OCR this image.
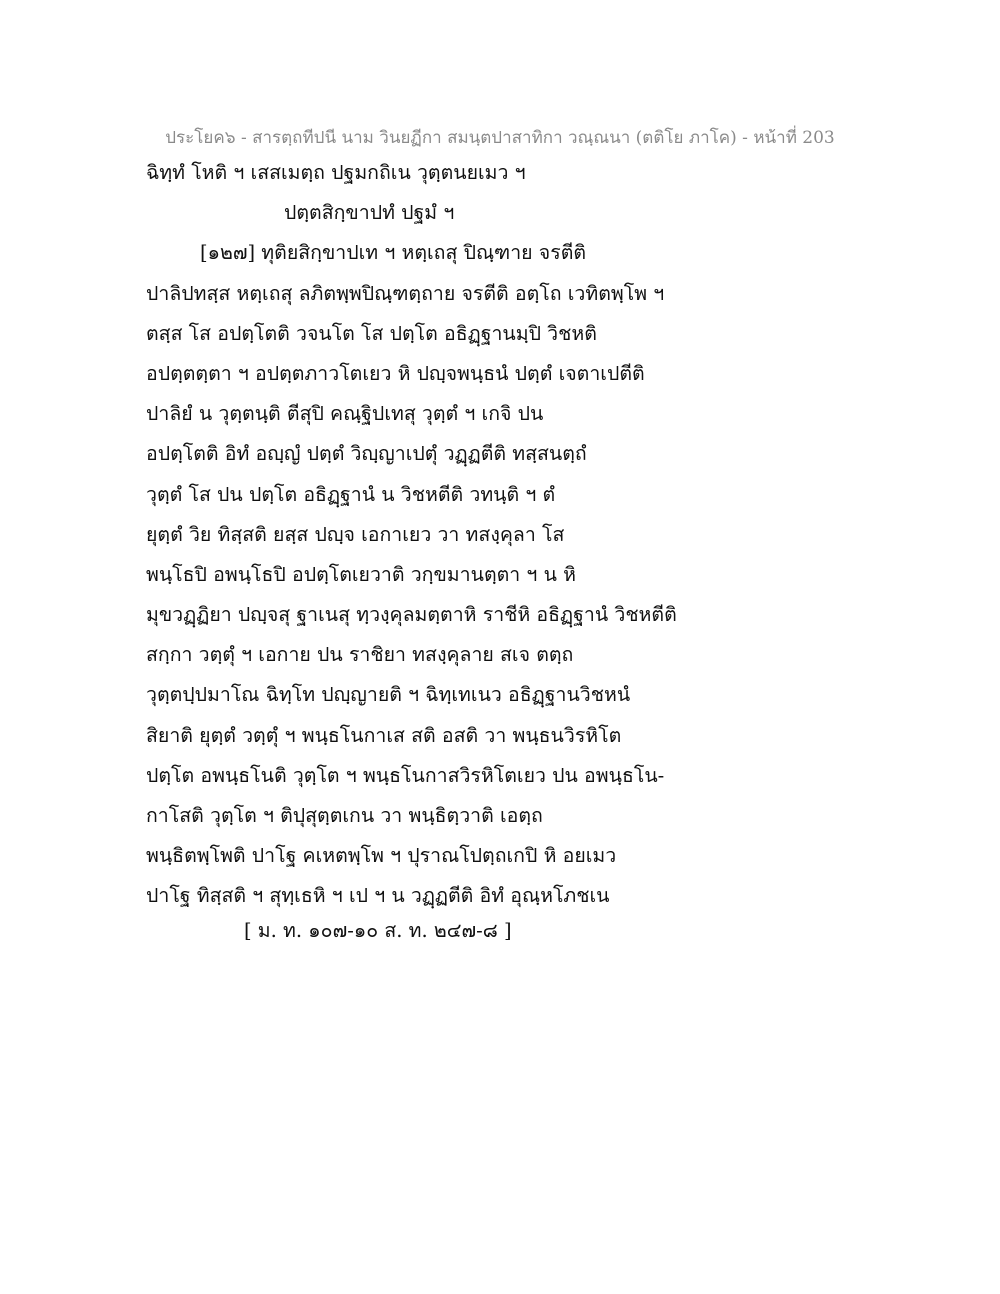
ประโยค๖ - สารตฺถทีปนี นาม วินยฏีกา สมนฺตปาสาทิกา วณฺณนา (ตติโย ภาโค) - หน้าที่ 203
ฉิทฺทํ โหติ ฯ เสสเมตฺถ ปฐมกถิเน วุตฺตนยเมว ฯ
ปตฺตสิกฺขาปทํ ปฐมํ ฯ
[๑๒๗] ทุติยสิกฺขาปเท ฯ หตฺเถสุ ปิณฺฑาย จรตีติ
ปาลิปทสฺส หตฺเถสุ ลภิตพฺพปิณฺฑตฺถาย จรตีติ อตฺโถ เวทิตพฺโพ ฯ
ตสฺส โส อปตฺโตติ วจนโต โส ปตฺโต อธิฏฺฐานมฺปิ วิชหติ
อปตฺตตฺตา ฯ อปตฺตภาวโตเยว หิ ปญฺจพนฺธนํ ปตฺตํ เจตาเปตีติ
ปาลิยํ น วุตฺตนฺติ ตีสุปิ คณฺฐิปเทสุ วุตฺตํ ฯ เกจิ ปน
อปตฺโตติ อิทํ อญฺญํ ปตฺตํ วิญฺญาเปตุํ วฏฺฏตีติ ทสฺสนตฺถํ
วุตฺตํ โส ปน ปตฺโต อธิฏฺฐานํ น วิชหตีติ วทนฺติ ฯ ตํ
ยุตฺตํ วิย ทิสฺสติ ยสฺส ปญฺจ เอกาเยว วา ทสงฺคุลา โส
พนฺโธปิ อพนฺโธปิ อปตฺโตเยวาติ วกฺขมานตฺตา ฯ น หิ
มุขวฏฺฏิยา ปญฺจสุ ฐาเนสุ ทฺวงฺคุลมตฺตาหิ ราชีหิ อธิฏฺฐานํ วิชหตีติ
สกฺกา วตฺตุํ ฯ เอกาย ปน ราชิยา ทสงฺคุลาย สเจ ตตฺถ
วุตฺตปฺปมาโณ ฉิทฺโท ปญฺญายติ ฯ ฉิทฺเทเนว อธิฏฺฐานวิชหนํ
สิยาติ ยุตฺตํ วตฺตุํ ฯ พนฺธโนกาเส สติ อสติ วา พนฺธนวิรหิโต
ปตฺโต อพนฺธโนติ วุตฺโต ฯ พนฺธโนกาสวิรหิโตเยว ปน อพนฺธโน-
กาโสติ วุตฺโต ฯ ติปุสุตฺตเกน วา พนฺธิตฺวาติ เอตฺถ
พนฺธิตพฺโพติ ปาโฐ คเหตพฺโพ ฯ ปุราณโปตฺถเกปิ หิ อยเมว
ปาโฐ ทิสฺสติ ฯ สุทฺเธหิ ฯ เป ฯ น วฏฺฏตีติ อิทํ อุณฺหโภชเน
[ ม. ท. ๑๐๗-๑๐ ส. ท. ๒๔๗-๘ ]
